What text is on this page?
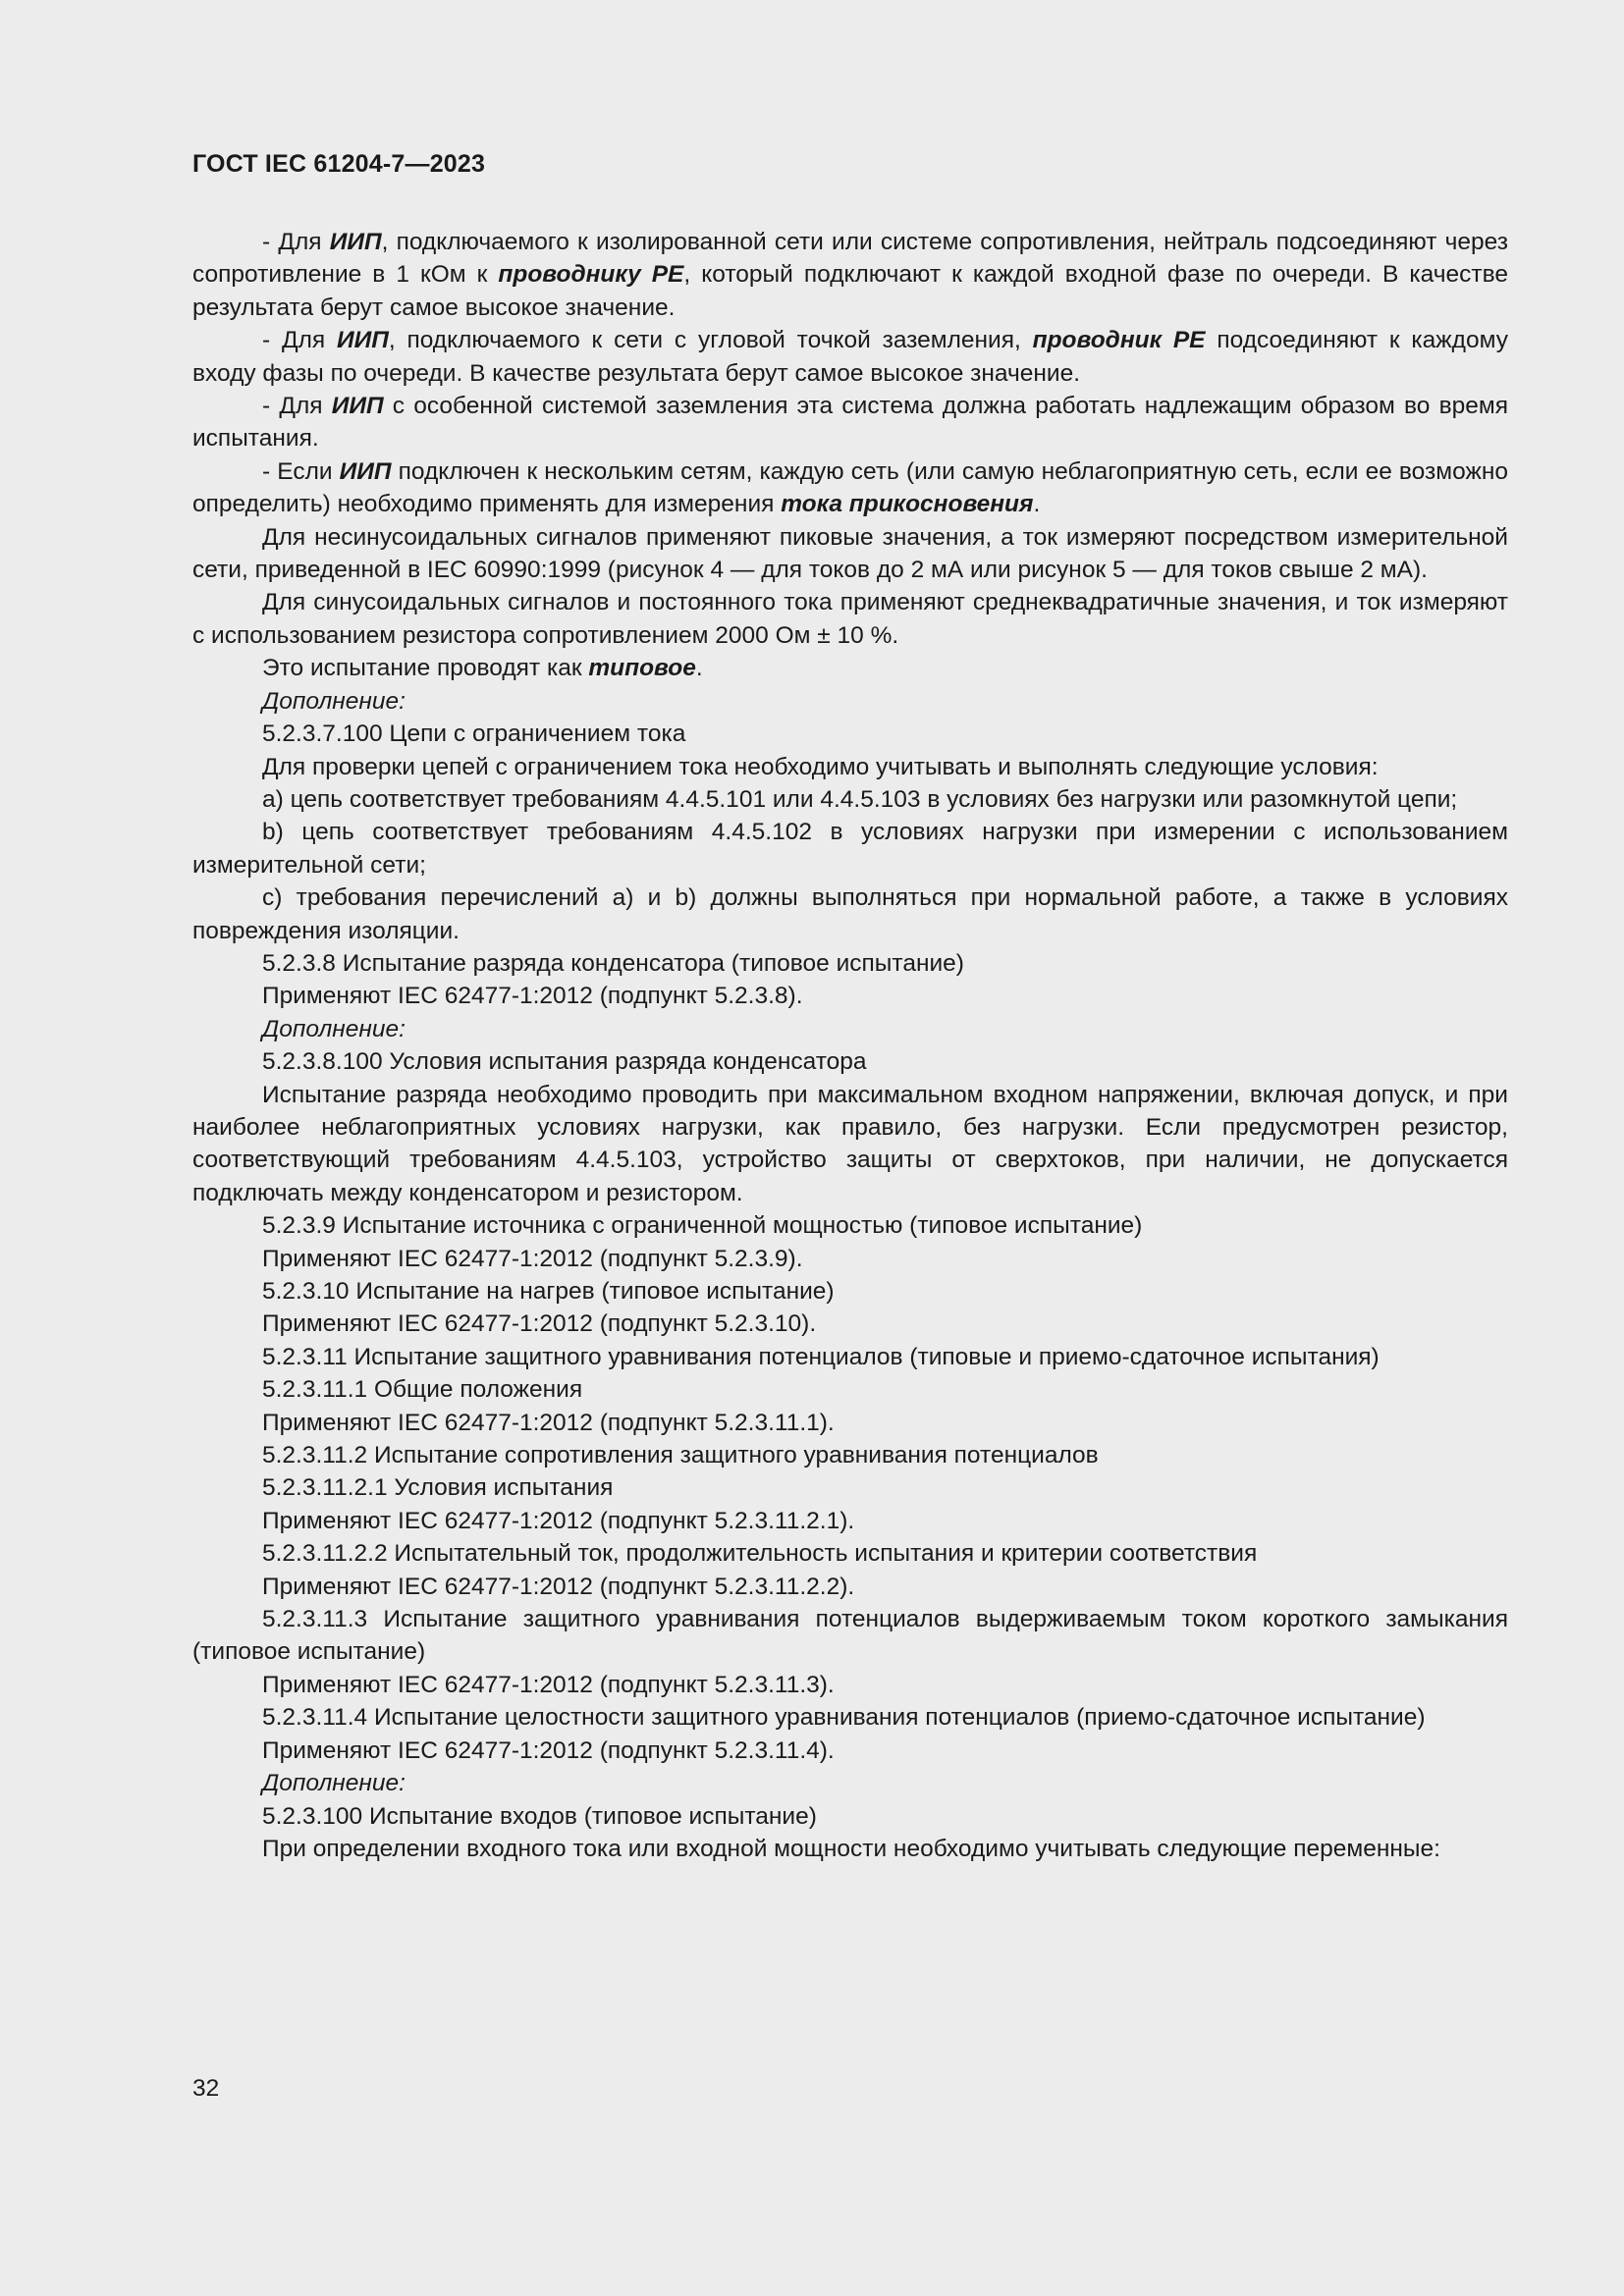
ГОСТ IEC 61204-7—2023

- Для ИИП, подключаемого к изолированной сети или системе сопротивления, нейтраль подсоединяют через сопротивление в 1 кОм к проводнику РЕ, который подключают к каждой входной фазе по очереди. В качестве результата берут самое высокое значение.

- Для ИИП, подключаемого к сети с угловой точкой заземления, проводник РЕ подсоединяют к каждому входу фазы по очереди. В качестве результата берут самое высокое значение.

- Для ИИП с особенной системой заземления эта система должна работать надлежащим образом во время испытания.

- Если ИИП подключен к нескольким сетям, каждую сеть (или самую неблагоприятную сеть, если ее возможно определить) необходимо применять для измерения тока прикосновения.

Для несинусоидальных сигналов применяют пиковые значения, а ток измеряют посредством измерительной сети, приведенной в IEC 60990:1999 (рисунок 4 — для токов до 2 мА или рисунок 5 — для токов свыше 2 мА).

Для синусоидальных сигналов и постоянного тока применяют среднеквадратичные значения, и ток измеряют с использованием резистора сопротивлением 2000 Ом ± 10 %.

Это испытание проводят как типовое.

Дополнение:

5.2.3.7.100 Цепи с ограничением тока

Для проверки цепей с ограничением тока необходимо учитывать и выполнять следующие условия:

a) цепь соответствует требованиям 4.4.5.101 или 4.4.5.103 в условиях без нагрузки или разомкнутой цепи;

b) цепь соответствует требованиям 4.4.5.102 в условиях нагрузки при измерении с использованием измерительной сети;

c) требования перечислений a) и b) должны выполняться при нормальной работе, а также в условиях повреждения изоляции.

5.2.3.8 Испытание разряда конденсатора (типовое испытание)

Применяют IEC 62477-1:2012 (подпункт 5.2.3.8).

Дополнение:

5.2.3.8.100 Условия испытания разряда конденсатора

Испытание разряда необходимо проводить при максимальном входном напряжении, включая допуск, и при наиболее неблагоприятных условиях нагрузки, как правило, без нагрузки. Если предусмотрен резистор, соответствующий требованиям 4.4.5.103, устройство защиты от сверхтоков, при наличии, не допускается подключать между конденсатором и резистором.

5.2.3.9 Испытание источника с ограниченной мощностью (типовое испытание)

Применяют IEC 62477-1:2012 (подпункт 5.2.3.9).

5.2.3.10 Испытание на нагрев (типовое испытание)

Применяют IEC 62477-1:2012 (подпункт 5.2.3.10).

5.2.3.11 Испытание защитного уравнивания потенциалов (типовые и приемо-сдаточное испытания)

5.2.3.11.1 Общие положения

Применяют IEC 62477-1:2012 (подпункт 5.2.3.11.1).

5.2.3.11.2 Испытание сопротивления защитного уравнивания потенциалов

5.2.3.11.2.1 Условия испытания

Применяют IEC 62477-1:2012 (подпункт 5.2.3.11.2.1).

5.2.3.11.2.2 Испытательный ток, продолжительность испытания и критерии соответствия

Применяют IEC 62477-1:2012 (подпункт 5.2.3.11.2.2).

5.2.3.11.3 Испытание защитного уравнивания потенциалов выдерживаемым током короткого замыкания (типовое испытание)

Применяют IEC 62477-1:2012 (подпункт 5.2.3.11.3).

5.2.3.11.4 Испытание целостности защитного уравнивания потенциалов (приемо-сдаточное испытание)

Применяют IEC 62477-1:2012 (подпункт 5.2.3.11.4).

Дополнение:

5.2.3.100 Испытание входов (типовое испытание)

При определении входного тока или входной мощности необходимо учитывать следующие переменные:

32
